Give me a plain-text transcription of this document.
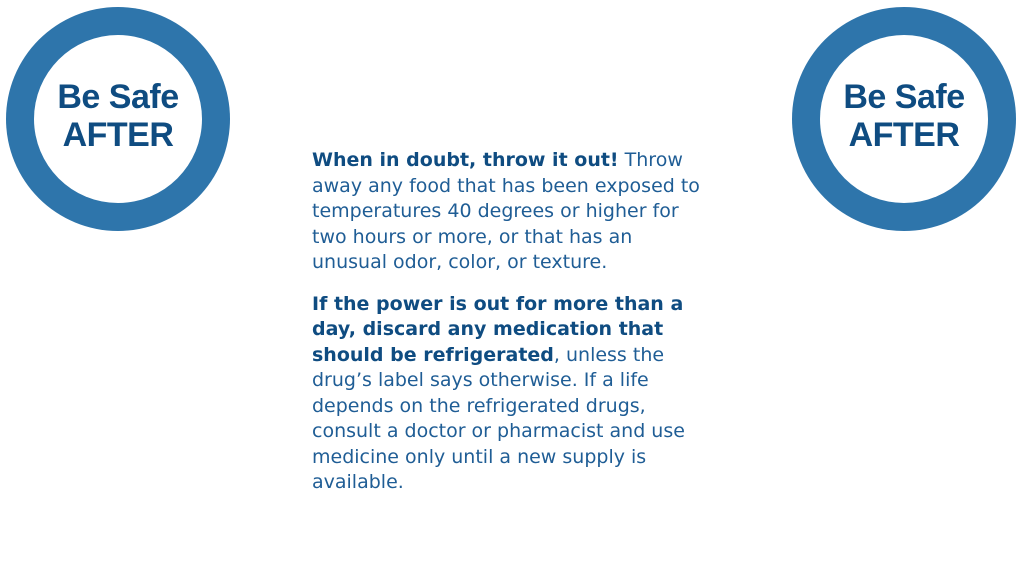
Be Safe
AFTER
Be Safe
AFTER

When in doubt, throw it out! Throw away any food that has been exposed to temperatures 40 degrees or higher for two hours or more, or that has an unusual odor, color, or texture.

If the power is out for more than a day, discard any medication that should be refrigerated, unless the drug’s label says otherwise. If a life depends on the refrigerated drugs, consult a doctor or pharmacist and use medicine only until a new supply is available.
